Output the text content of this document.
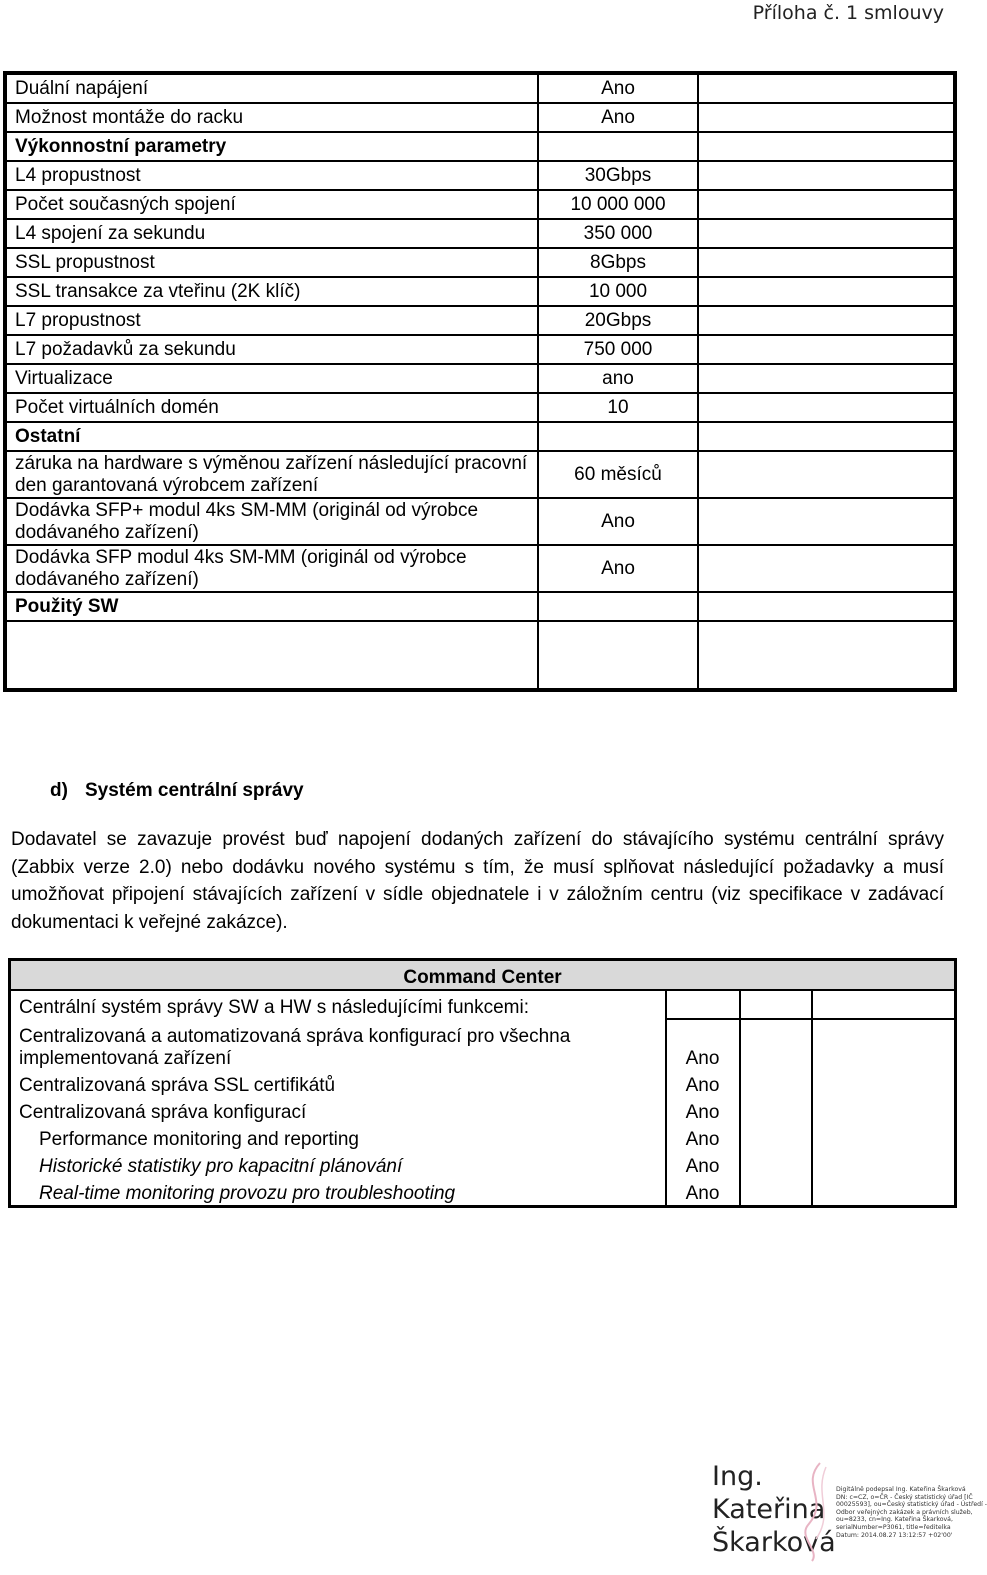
Příloha č. 1 smlouvy
Duální napájení	Ano	
Možnost montáže do racku	Ano	
Výkonnostní parametry		
L4 propustnost	30Gbps	
Počet současných spojení	10 000 000	
L4 spojení za sekundu	350 000	
SSL propustnost	8Gbps	
SSL transakce za vteřinu (2K klíč)	10 000	
L7 propustnost	20Gbps	
L7 požadavků za sekundu	750 000	
Virtualizace	ano	
Počet virtuálních domén	10	
Ostatní		
záruka na hardware s výměnou zařízení následující pracovní den garantovaná výrobcem zařízení	60 měsíců	
Dodávka SFP+ modul 4ks SM-MM (originál od výrobce dodávaného zařízení)	Ano	
Dodávka SFP modul 4ks SM-MM (originál od výrobce dodávaného zařízení)	Ano	
Použitý SW		

d) Systém centrální správy
Dodavatel se zavazuje provést buď napojení dodaných zařízení do stávajícího systému centrální správy (Zabbix verze 2.0) nebo dodávku nového systému s tím, že musí splňovat následující požadavky a musí umožňovat připojení stávajících zařízení v sídle objednatele i v záložním centru (viz specifikace v zadávací dokumentaci k veřejné zakázce).
Command Center			
Centrální systém správy SW a HW s následujícími funkcemi:			
Centralizovaná a automatizovaná správa konfigurací pro všechna implementovaná zařízení	Ano		
Centralizovaná správa SSL certifikátů	Ano		
Centralizovaná správa konfigurací	Ano		
Performance monitoring and reporting	Ano		
Historické statistiky pro kapacitní plánování	Ano		
Real-time monitoring provozu pro troubleshooting	Ano		
Ing.
Kateřina
Škarková
Digitálně podepsal Ing. Kateřina Škarková
DN: c=CZ, o=ČR - Český statistický úřad [IČ
00025593], ou=Český statistický úřad - Ústředí -
Odbor veřejných zakázek a právních služeb,
ou=8233, cn=Ing. Kateřina Škarková,
serialNumber=P3061, title=ředitelka
Datum: 2014.08.27 13:12:57 +02'00'
